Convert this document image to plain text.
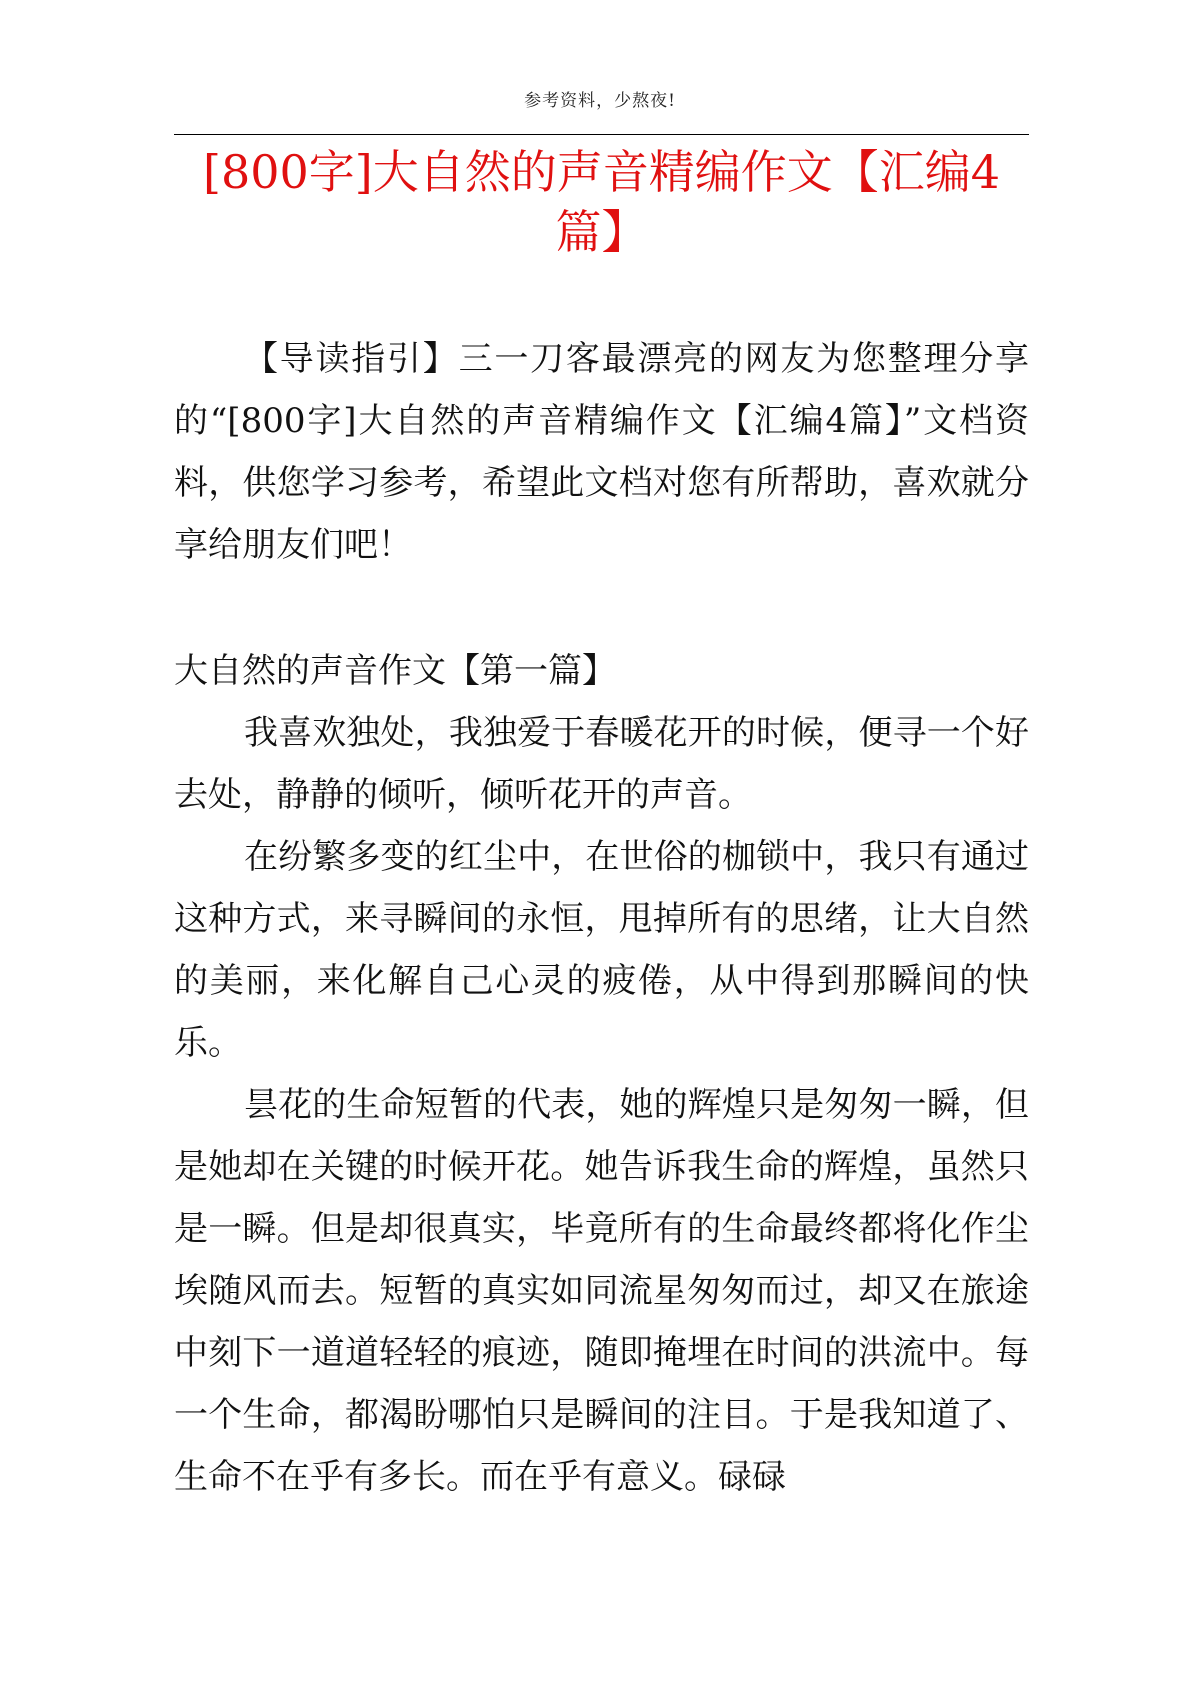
参考资料，少熬夜!
[800字]大自然的声音精编作文【汇编4篇】

【导读指引】三一刀客最漂亮的网友为您整理分享的“[800字]大自然的声音精编作文【汇编4篇】”文档资料，供您学习参考，希望此文档对您有所帮助，喜欢就分享给朋友们吧！

大自然的声音作文【第一篇】

我喜欢独处，我独爱于春暖花开的时候，便寻一个好去处，静静的倾听，倾听花开的声音。

在纷繁多变的红尘中，在世俗的枷锁中，我只有通过这种方式，来寻瞬间的永恒，甩掉所有的思绪，让大自然的美丽，来化解自己心灵的疲倦，从中得到那瞬间的快乐。

昙花的生命短暂的代表，她的辉煌只是匆匆一瞬，但是她却在关键的时候开花。她告诉我生命的辉煌，虽然只是一瞬。但是却很真实，毕竟所有的生命最终都将化作尘埃随风而去。短暂的真实如同流星匆匆而过，却又在旅途中刻下一道道轻轻的痕迹，随即掩埋在时间的洪流中。每一个生命，都渴盼哪怕只是瞬间的注目。于是我知道了、生命不在乎有多长。而在乎有意义。碌碌
